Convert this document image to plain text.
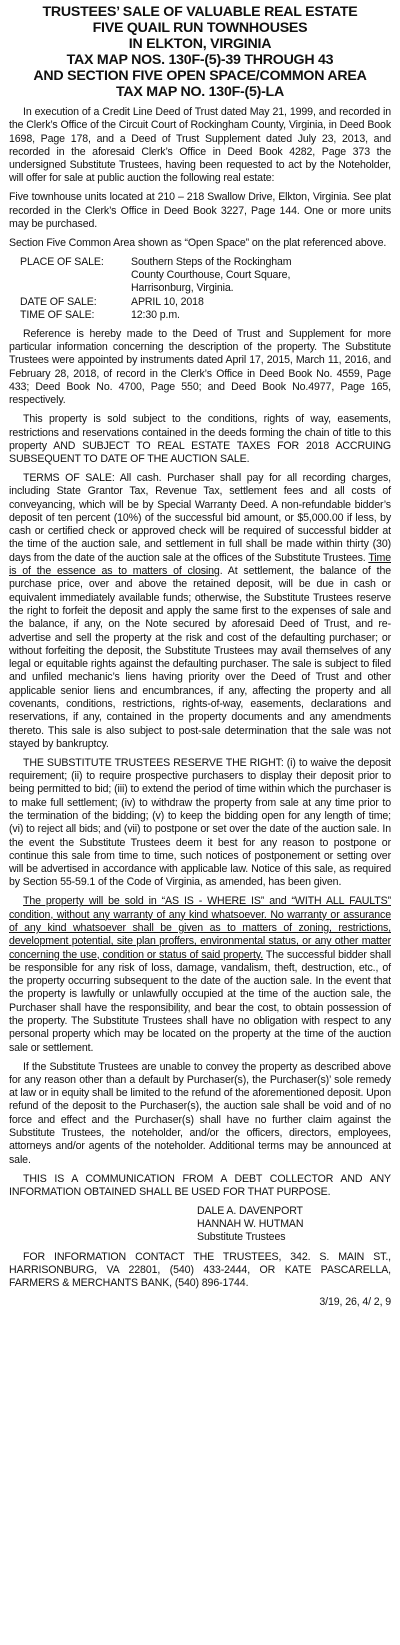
TRUSTEES’ SALE OF VALUABLE REAL ESTATE
FIVE QUAIL RUN TOWNHOUSES
IN ELKTON, VIRGINIA
TAX MAP NOS. 130F-(5)-39 THROUGH 43
AND SECTION FIVE OPEN SPACE/COMMON AREA
TAX MAP NO. 130F-(5)-LA

In execution of a Credit Line Deed of Trust dated May 21, 1999, and recorded in the Clerk’s Office of the Circuit Court of Rockingham County, Virginia, in Deed Book 1698, Page 178, and a Deed of Trust Supplement dated July 23, 2013, and recorded in the aforesaid Clerk’s Office in Deed Book 4282, Page 373 the undersigned Substitute Trustees, having been requested to act by the Noteholder, will offer for sale at public auction the following real estate:

Five townhouse units located at 210 – 218 Swallow Drive, Elkton, Virginia. See plat recorded in the Clerk’s Office in Deed Book 3227, Page 144. One or more units may be purchased.

Section Five Common Area shown as “Open Space” on the plat referenced above.

PLACE OF SALE:	Southern Steps of the Rockingham
County Courthouse, Court Square,
Harrisonburg, Virginia.

DATE OF SALE:	APRIL 10, 2018
TIME OF SALE:	12:30 p.m.

Reference is hereby made to the Deed of Trust and Supplement for more particular information concerning the description of the property. The Substitute Trustees were appointed by instruments dated April 17, 2015, March 11, 2016, and February 28, 2018, of record in the Clerk’s Office in Deed Book No. 4559, Page 433; Deed Book No. 4700, Page 550; and Deed Book No.4977, Page 165, respectively.

This property is sold subject to the conditions, rights of way, easements, restrictions and reservations contained in the deeds forming the chain of title to this property AND SUBJECT TO REAL ESTATE TAXES FOR 2018 ACCRUING SUBSEQUENT TO DATE OF THE AUCTION SALE.

TERMS OF SALE: All cash. Purchaser shall pay for all recording charges, including State Grantor Tax, Revenue Tax, settlement fees and all costs of conveyancing, which will be by Special Warranty Deed. A non-refundable bidder’s deposit of ten percent (10%) of the successful bid amount, or $5,000.00 if less, by cash or certified check or approved check will be required of successful bidder at the time of the auction sale, and settlement in full shall be made within thirty (30) days from the date of the auction sale at the offices of the Substitute Trustees. Time is of the essence as to matters of closing. At settlement, the balance of the purchase price, over and above the retained deposit, will be due in cash or equivalent immediately available funds; otherwise, the Substitute Trustees reserve the right to forfeit the deposit and apply the same first to the expenses of sale and the balance, if any, on the Note secured by aforesaid Deed of Trust, and re-advertise and sell the property at the risk and cost of the defaulting purchaser; or without forfeiting the deposit, the Substitute Trustees may avail themselves of any legal or equitable rights against the defaulting purchaser. The sale is subject to filed and unfiled mechanic’s liens having priority over the Deed of Trust and other applicable senior liens and encumbrances, if any, affecting the property and all covenants, conditions, restrictions, rights-of-way, easements, declarations and reservations, if any, contained in the property documents and any amendments thereto. This sale is also subject to post-sale determination that the sale was not stayed by bankruptcy.

THE SUBSTITUTE TRUSTEES RESERVE THE RIGHT: (i) to waive the deposit requirement; (ii) to require prospective purchasers to display their deposit prior to being permitted to bid; (iii) to extend the period of time within which the purchaser is to make full settlement; (iv) to withdraw the property from sale at any time prior to the termination of the bidding; (v) to keep the bidding open for any length of time; (vi) to reject all bids; and (vii) to postpone or set over the date of the auction sale. In the event the Substitute Trustees deem it best for any reason to postpone or continue this sale from time to time, such notices of postponement or setting over will be advertised in accordance with applicable law. Notice of this sale, as required by Section 55-59.1 of the Code of Virginia, as amended, has been given.

The property will be sold in “AS IS - WHERE IS” and “WITH ALL FAULTS” condition, without any warranty of any kind whatsoever. No warranty or assurance of any kind whatsoever shall be given as to matters of zoning, restrictions, development potential, site plan proffers, environmental status, or any other matter concerning the use, condition or status of said property. The successful bidder shall be responsible for any risk of loss, damage, vandalism, theft, destruction, etc., of the property occurring subsequent to the date of the auction sale. In the event that the property is lawfully or unlawfully occupied at the time of the auction sale, the Purchaser shall have the responsibility, and bear the cost, to obtain possession of the property. The Substitute Trustees shall have no obligation with respect to any personal property which may be located on the property at the time of the auction sale or settlement.

If the Substitute Trustees are unable to convey the property as described above for any reason other than a default by Purchaser(s), the Purchaser(s)’ sole remedy at law or in equity shall be limited to the refund of the aforementioned deposit. Upon refund of the deposit to the Purchaser(s), the auction sale shall be void and of no force and effect and the Purchaser(s) shall have no further claim against the Substitute Trustees, the noteholder, and/or the officers, directors, employees, attorneys and/or agents of the noteholder. Additional terms may be announced at sale.

THIS IS A COMMUNICATION FROM A DEBT COLLECTOR AND ANY INFORMATION OBTAINED SHALL BE USED FOR THAT PURPOSE.

DALE A. DAVENPORT
HANNAH W. HUTMAN
Substitute Trustees

FOR INFORMATION CONTACT THE TRUSTEES, 342. S. MAIN ST., HARRISONBURG, VA 22801, (540) 433-2444, OR KATE PASCARELLA, FARMERS & MERCHANTS BANK, (540) 896-1744.

3/19, 26, 4/ 2, 9
